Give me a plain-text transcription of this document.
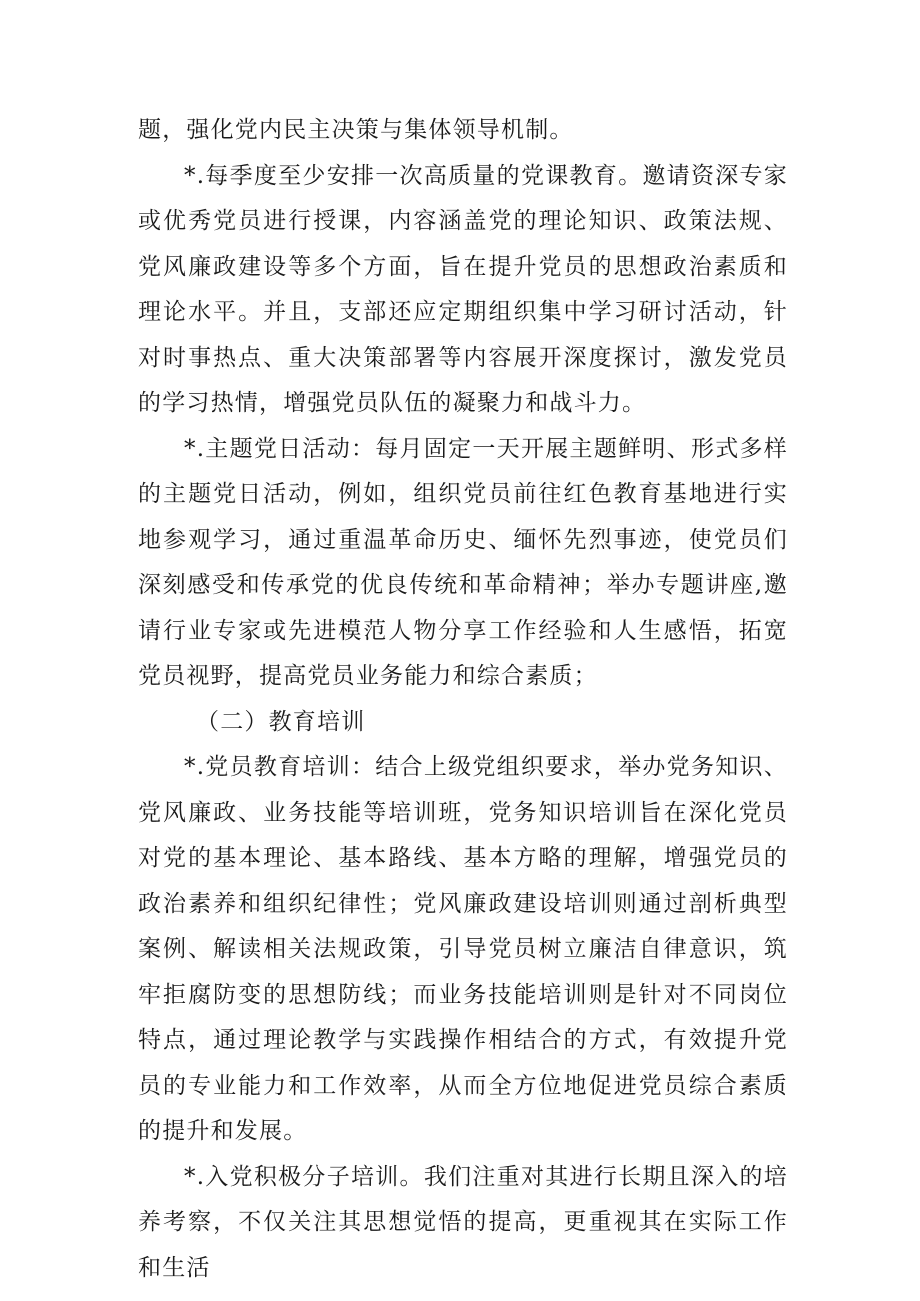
题，强化党内民主决策与集体领导机制。

*.每季度至少安排一次高质量的党课教育。邀请资深专家或优秀党员进行授课，内容涵盖党的理论知识、政策法规、党风廉政建设等多个方面，旨在提升党员的思想政治素质和理论水平。并且，支部还应定期组织集中学习研讨活动，针对时事热点、重大决策部署等内容展开深度探讨，激发党员的学习热情，增强党员队伍的凝聚力和战斗力。

*.主题党日活动：每月固定一天开展主题鲜明、形式多样的主题党日活动，例如，组织党员前往红色教育基地进行实地参观学习，通过重温革命历史、缅怀先烈事迹，使党员们深刻感受和传承党的优良传统和革命精神；举办专题讲座,邀请行业专家或先进模范人物分享工作经验和人生感悟，拓宽党员视野，提高党员业务能力和综合素质；

（二）教育培训

*.党员教育培训：结合上级党组织要求，举办党务知识、党风廉政、业务技能等培训班，党务知识培训旨在深化党员对党的基本理论、基本路线、基本方略的理解，增强党员的政治素养和组织纪律性；党风廉政建设培训则通过剖析典型案例、解读相关法规政策，引导党员树立廉洁自律意识，筑牢拒腐防变的思想防线；而业务技能培训则是针对不同岗位特点，通过理论教学与实践操作相结合的方式，有效提升党员的专业能力和工作效率，从而全方位地促进党员综合素质的提升和发展。

*.入党积极分子培训。我们注重对其进行长期且深入的培养考察，不仅关注其思想觉悟的提高，更重视其在实际工作和生活
